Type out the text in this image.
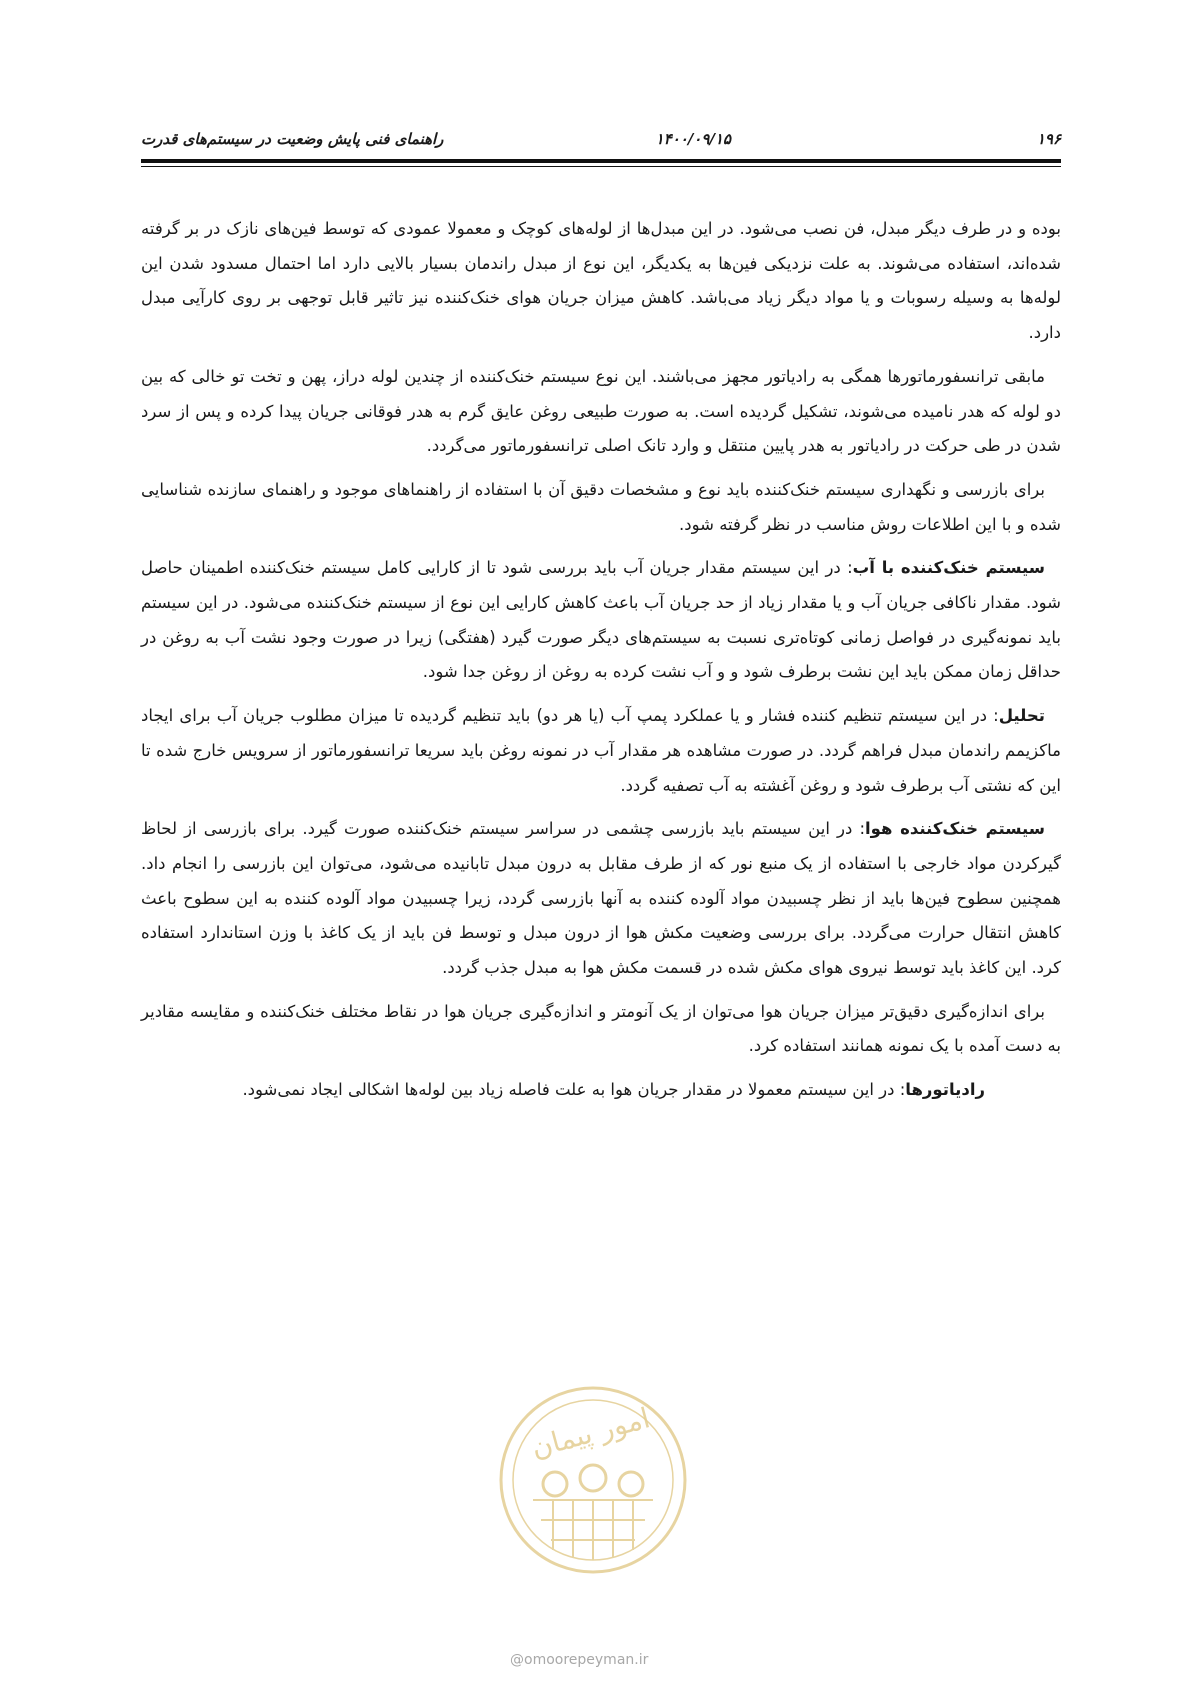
۱۹۶
۱۴۰۰/۰۹/۱۵
راهنمای فنی پایش وضعیت در سیستم‌های قدرت

بوده و در طرف دیگر مبدل، فن نصب می‌شود. در این مبدل‌ها از لوله‌های کوچک و معمولا عمودی که توسط فین‌های نازک در بر گرفته شده‌اند، استفاده می‌شوند. به علت نزدیکی فین‌ها به یکدیگر، این نوع از مبدل راندمان بسیار بالایی دارد اما احتمال مسدود شدن این لوله‌ها به وسیله رسوبات و یا مواد دیگر زیاد می‌باشد. کاهش میزان جریان هوای خنک‌کننده نیز تاثیر قابل توجهی بر روی کارآیی مبدل دارد.

مابقی ترانسفورماتورها همگی به رادیاتور مجهز می‌باشند. این نوع سیستم خنک‌کننده از چندین لوله دراز، پهن و تخت تو خالی که بین دو لوله که هدر نامیده می‌شوند، تشکیل گردیده است. به صورت طبیعی روغن عایق گرم به هدر فوقانی جریان پیدا کرده و پس از سرد شدن در طی حرکت در رادیاتور به هدر پایین منتقل و وارد تانک اصلی ترانسفورماتور می‌گردد.

برای بازرسی و نگهداری سیستم خنک‌کننده باید نوع و مشخصات دقیق آن با استفاده از راهنماهای موجود و راهنمای سازنده شناسایی شده و با این اطلاعات روش مناسب در نظر گرفته شود.

سیستم خنک‌کننده با آب: در این سیستم مقدار جریان آب باید بررسی شود تا از کارایی کامل سیستم خنک‌کننده اطمینان حاصل شود. مقدار ناکافی جریان آب و یا مقدار زیاد از حد جریان آب باعث کاهش کارایی این نوع از سیستم خنک‌کننده می‌شود. در این سیستم باید نمونه‌گیری در فواصل زمانی کوتاه‌تری نسبت به سیستم‌های دیگر صورت گیرد (هفتگی) زیرا در صورت وجود نشت آب به روغن در حداقل زمان ممکن باید این نشت برطرف شود و و آب نشت کرده به روغن از روغن جدا شود.

تحلیل: در این سیستم تنظیم کننده فشار و یا عملکرد پمپ آب (یا هر دو) باید تنظیم گردیده تا میزان مطلوب جریان آب برای ایجاد ماکزیمم راندمان مبدل فراهم گردد. در صورت مشاهده هر مقدار آب در نمونه روغن باید سریعا ترانسفورماتور از سرویس خارج شده تا این که نشتی آب برطرف شود و روغن آغشته به آب تصفیه گردد.

سیستم خنک‌کننده هوا: در این سیستم باید بازرسی چشمی در سراسر سیستم خنک‌کننده صورت گیرد. برای بازرسی از لحاظ گیرکردن مواد خارجی با استفاده از یک منبع نور که از طرف مقابل به درون مبدل تابانیده می‌شود، می‌توان این بازرسی را انجام داد. همچنین سطوح فین‌ها باید از نظر چسبیدن مواد آلوده کننده به آنها بازرسی گردد، زیرا چسبیدن مواد آلوده کننده به این سطوح باعث کاهش انتقال حرارت می‌گردد. برای بررسی وضعیت مکش هوا از درون مبدل و توسط فن باید از یک کاغذ با وزن استاندارد استفاده کرد. این کاغذ باید توسط نیروی هوای مکش شده در قسمت مکش هوا به مبدل جذب گردد.

برای اندازه‌گیری دقیق‌تر میزان جریان هوا می‌توان از یک آنومتر و اندازه‌گیری جریان هوا در نقاط مختلف خنک‌کننده و مقایسه مقادیر به دست آمده با یک نمونه همانند استفاده کرد.

رادیاتورها: در این سیستم معمولا در مقدار جریان هوا به علت فاصله زیاد بین لوله‌ها اشکالی ایجاد نمی‌شود.

امور پیمان
@omoorepeyman.ir
